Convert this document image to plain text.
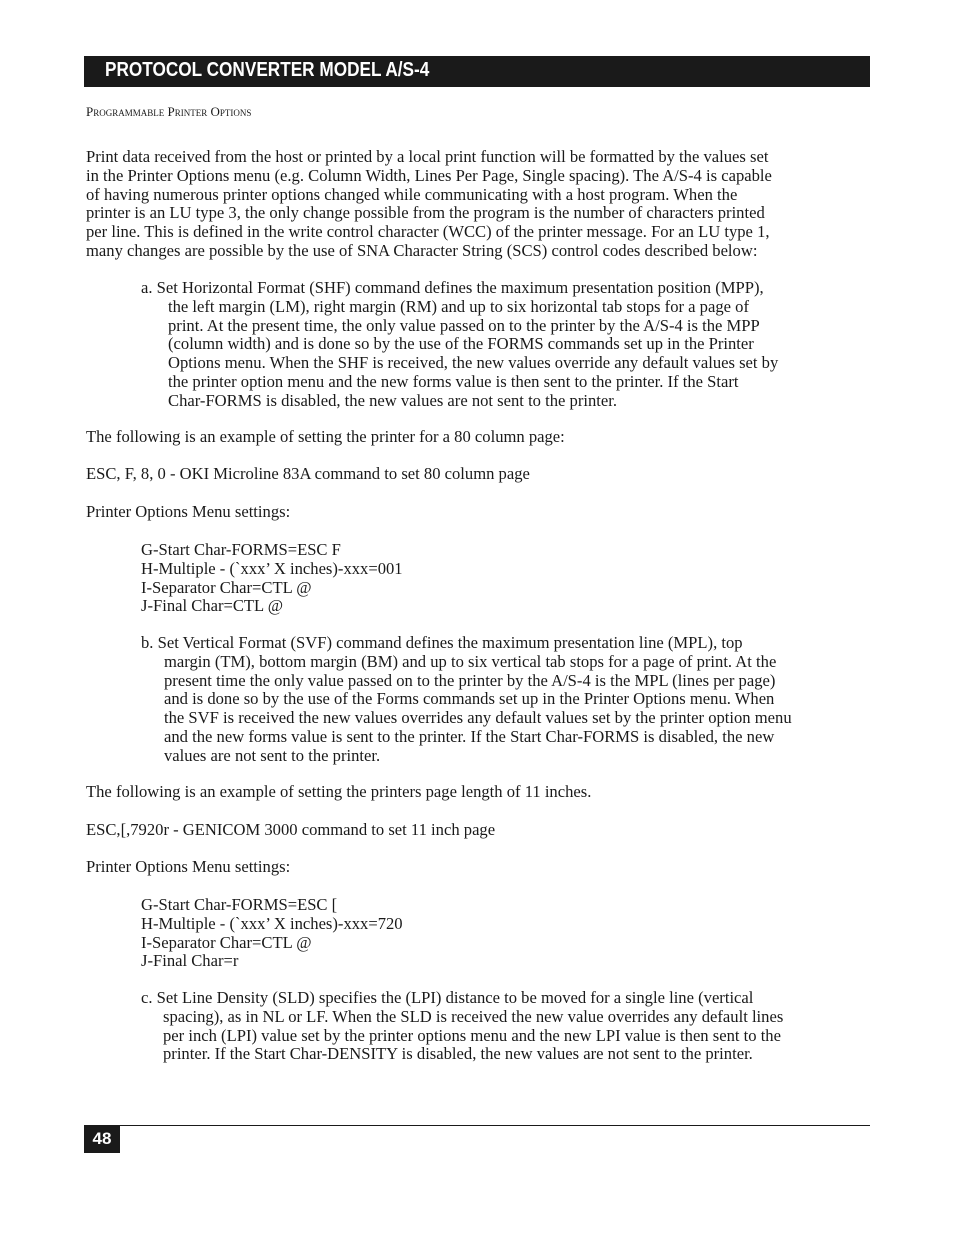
PROTOCOL CONVERTER MODEL A/S-4
Programmable Printer Options
Print data received from the host or printed by a local print function will be formatted by the values set
in the Printer Options menu (e.g. Column Width, Lines Per Page, Single spacing). The A/S-4 is capable
of having numerous printer options changed while communicating with a host program. When the
printer is an LU type 3, the only change possible from the program is the number of characters printed
per line. This is defined in the write control character (WCC) of the printer message. For an LU type 1,
many changes are possible by the use of SNA Character String (SCS) control codes described below:
a. Set Horizontal Format (SHF) command defines the maximum presentation position (MPP),
the left margin (LM), right margin (RM) and up to six horizontal tab stops for a page of
print. At the present time, the only value passed on to the printer by the A/S-4 is the MPP
(column width) and is done so by the use of the FORMS commands set up in the Printer
Options menu. When the SHF is received, the new values override any default values set by
the printer option menu and the new forms value is then sent to the printer. If the Start
Char-FORMS is disabled, the new values are not sent to the printer.
The following is an example of setting the printer for a 80 column page:
ESC, F, 8, 0 - OKI Microline 83A command to set 80 column page
Printer Options Menu settings:
G-Start Char-FORMS=ESC F
H-Multiple - (`xxx’ X inches)-xxx=001
I-Separator Char=CTL @
J-Final Char=CTL @
b. Set Vertical Format (SVF) command defines the maximum presentation line (MPL), top
margin (TM), bottom margin (BM) and up to six vertical tab stops for a page of print. At the
present time the only value passed on to the printer by the A/S-4 is the MPL (lines per page)
and is done so by the use of the Forms commands set up in the Printer Options menu. When
the SVF is received the new values overrides any default values set by the printer option menu
and the new forms value is sent to the printer. If the Start Char-FORMS is disabled, the new
values are not sent to the printer.
The following is an example of setting the printers page length of 11 inches.
ESC,[,7920r - GENICOM 3000 command to set 11 inch page
Printer Options Menu settings:
G-Start Char-FORMS=ESC [
H-Multiple - (`xxx’ X inches)-xxx=720
I-Separator Char=CTL @
J-Final Char=r
c. Set Line Density (SLD) specifies the (LPI) distance to be moved for a single line (vertical
spacing), as in NL or LF. When the SLD is received the new value overrides any default lines
per inch (LPI) value set by the printer options menu and the new LPI value is then sent to the
printer. If the Start Char-DENSITY is disabled, the new values are not sent to the printer.
48
